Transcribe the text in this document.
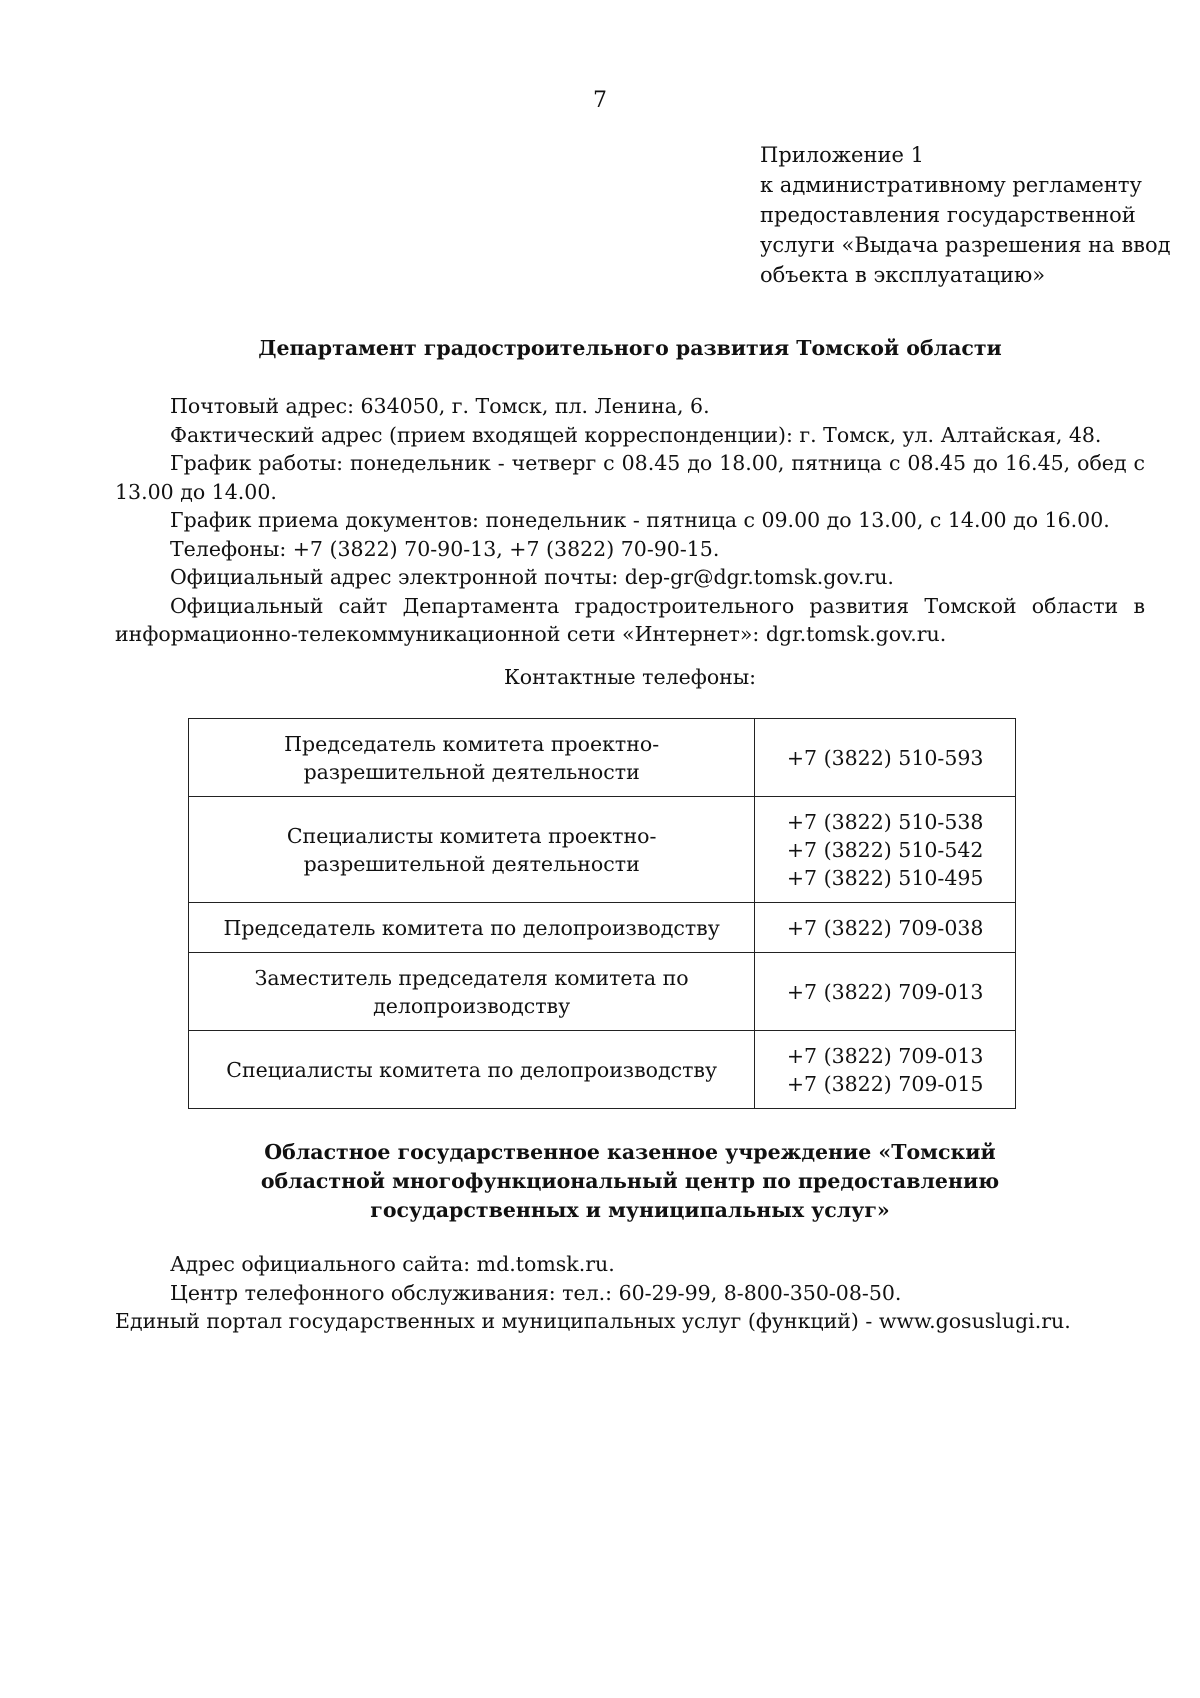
7
Приложение 1
к административному регламенту
предоставления государственной
услуги «Выдача разрешения на ввод
объекта в эксплуатацию»
Департамент градостроительного развития Томской области

Почтовый адрес: 634050, г. Томск, пл. Ленина, 6.

Фактический адрес (прием входящей корреспонденции): г. Томск, ул. Алтайская, 48.

График работы: понедельник - четверг с 08.45 до 18.00, пятница с 08.45 до 16.45, обед с 13.00 до 14.00.

График приема документов: понедельник - пятница с 09.00 до 13.00, с 14.00 до 16.00.

Телефоны: +7 (3822) 70-90-13, +7 (3822) 70-90-15.

Официальный адрес электронной почты: dep-gr@dgr.tomsk.gov.ru.

Официальный сайт Департамента градостроительного развития Томской области в информационно-телекоммуникационной сети «Интернет»: dgr.tomsk.gov.ru.

Контактные телефоны:
Председатель комитета проектно-разрешительной деятельности	+7 (3822) 510-593

Специалисты комитета проектно-разрешительной деятельности	+7 (3822) 510-538
+7 (3822) 510-542
+7 (3822) 510-495

Председатель комитета по делопроизводству	+7 (3822) 709-038

Заместитель председателя комитета по делопроизводству	+7 (3822) 709-013

Специалисты комитета по делопроизводству	+7 (3822) 709-013
+7 (3822) 709-015
Областное государственное казенное учреждение «Томский
областной многофункциональный центр по предоставлению
государственных и муниципальных услуг»

Адрес официального сайта: md.tomsk.ru.

Центр телефонного обслуживания: тел.: 60-29-99, 8-800-350-08-50.

Единый портал государственных и муниципальных услуг (функций) - www.gosuslugi.ru.
